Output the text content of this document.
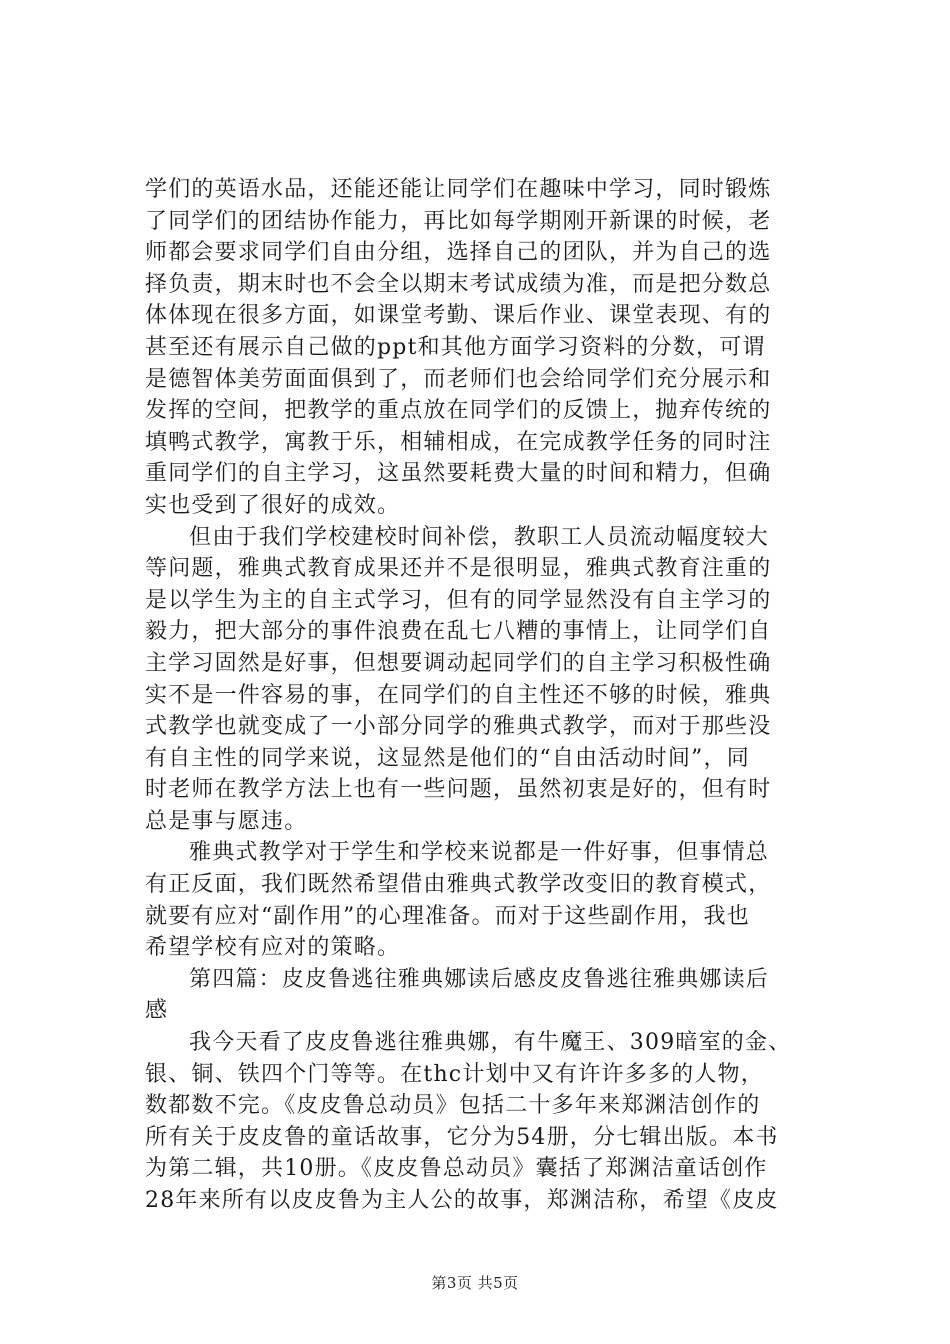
学们的英语水品，还能还能让同学们在趣味中学习，同时锻炼
了同学们的团结协作能力，再比如每学期刚开新课的时候，老
师都会要求同学们自由分组，选择自己的团队，并为自己的选
择负责，期末时也不会全以期末考试成绩为准，而是把分数总
体体现在很多方面，如课堂考勤、课后作业、课堂表现、有的
甚至还有展示自己做的ppt和其他方面学习资料的分数，可谓
是德智体美劳面面俱到了，而老师们也会给同学们充分展示和
发挥的空间，把教学的重点放在同学们的反馈上，抛弃传统的
填鸭式教学，寓教于乐，相辅相成，在完成教学任务的同时注
重同学们的自主学习，这虽然要耗费大量的时间和精力，但确
实也受到了很好的成效。
但由于我们学校建校时间补偿，教职工人员流动幅度较大
等问题，雅典式教育成果还并不是很明显，雅典式教育注重的
是以学生为主的自主式学习，但有的同学显然没有自主学习的
毅力，把大部分的事件浪费在乱七八糟的事情上，让同学们自
主学习固然是好事，但想要调动起同学们的自主学习积极性确
实不是一件容易的事，在同学们的自主性还不够的时候，雅典
式教学也就变成了一小部分同学的雅典式教学，而对于那些没
有自主性的同学来说，这显然是他们的“自由活动时间”，同
时老师在教学方法上也有一些问题，虽然初衷是好的，但有时
总是事与愿违。
雅典式教学对于学生和学校来说都是一件好事，但事情总
有正反面，我们既然希望借由雅典式教学改变旧的教育模式，
就要有应对“副作用”的心理准备。而对于这些副作用，我也
希望学校有应对的策略。
第四篇：皮皮鲁逃往雅典娜读后感皮皮鲁逃往雅典娜读后
感
我今天看了皮皮鲁逃往雅典娜，有牛魔王、309暗室的金、
银、铜、铁四个门等等。在thc计划中又有许许多多的人物，
数都数不完。《皮皮鲁总动员》包括二十多年来郑渊洁创作的
所有关于皮皮鲁的童话故事，它分为54册，分七辑出版。本书
为第二辑，共10册。《皮皮鲁总动员》囊括了郑渊洁童话创作
28年来所有以皮皮鲁为主人公的故事，郑渊洁称，希望《皮皮
第3页 共5页
